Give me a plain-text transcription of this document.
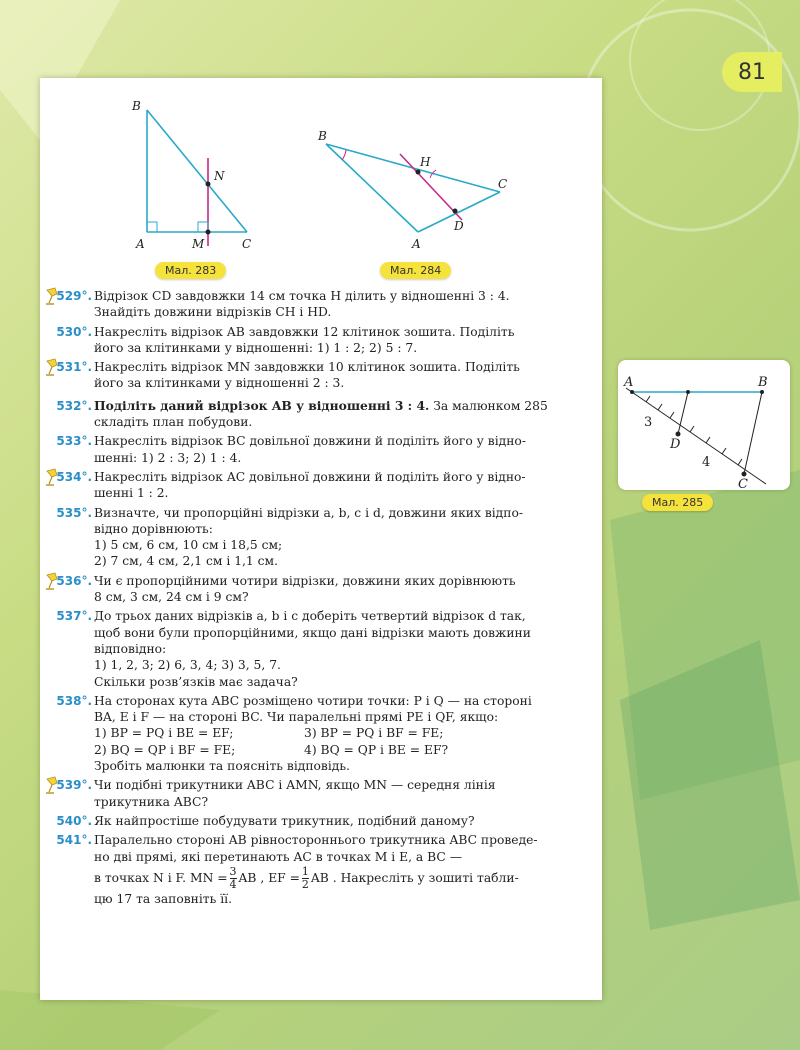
81
B
N
A	M	C
Мал. 283
B
H
C
D
A
Мал. 284
529°. Відрізок CD завдовжки 14 см точка H ділить у відношенні 3 : 4.
Знайдіть довжини відрізків CH і HD.
530°. Накресліть відрізок AB завдовжки 12 клітинок зошита. Поділіть
його за клітинками у відношенні: 1) 1 : 2; 2) 5 : 7.
531°. Накресліть відрізок MN завдовжки 10 клітинок зошита. Поділіть
його за клітинками у відношенні 2 : 3.
532°. Поділіть даний відрізок AB у відношенні 3 : 4. За малюнком 285
складіть план побудови.
533°. Накресліть відрізок BC довільної довжини й поділіть його у відно-
шенні: 1) 2 : 3; 2) 1 : 4.
534°. Накресліть відрізок AC довільної довжини й поділіть його у відно-
шенні 1 : 2.
535°. Визначте, чи пропорційні відрізки a, b, c і d, довжини яких відпо-
відно дорівнюють:
1) 5 см, 6 см, 10 см і 18,5 см;
2) 7 см, 4 см, 2,1 см і 1,1 см.
536°. Чи є пропорційними чотири відрізки, довжини яких дорівнюють
8 см, 3 см, 24 см і 9 см?
537°. До трьох даних відрізків a, b і c доберіть четвертий відрізок d так,
щоб вони були пропорційними, якщо дані відрізки мають довжини
відповідно:
1) 1, 2, 3; 2) 6, 3, 4; 3) 3, 5, 7.
Скільки розв’язків має задача?
538°. На сторонах кута ABC розміщено чотири точки: P і Q — на стороні
BA, E і F — на стороні BC. Чи паралельні прямі PE і QF, якщо:
1) BP = PQ і BE = EF;	3) BP = PQ і BF = FE;
2) BQ = QP і BF = FE;	4) BQ = QP і BE = EF?
Зробіть малюнки та поясніть відповідь.
539°. Чи подібні трикутники ABC і AMN, якщо MN — середня лінія
трикутника ABC?
540°. Як найпростіше побудувати трикутник, подібний даному?
541°. Паралельно стороні AB рівностороннього трикутника ABC проведе-
но дві прямі, які перетинають AC в точках M і E, а BC —
в точках N і F. MN = $\frac{3}{4}$ AB , EF = $\frac{1}{2}$ AB . Накресліть у зошиті табли-
цю 17 та заповніть її.
A	B
3
D
4
C
Мал. 285
